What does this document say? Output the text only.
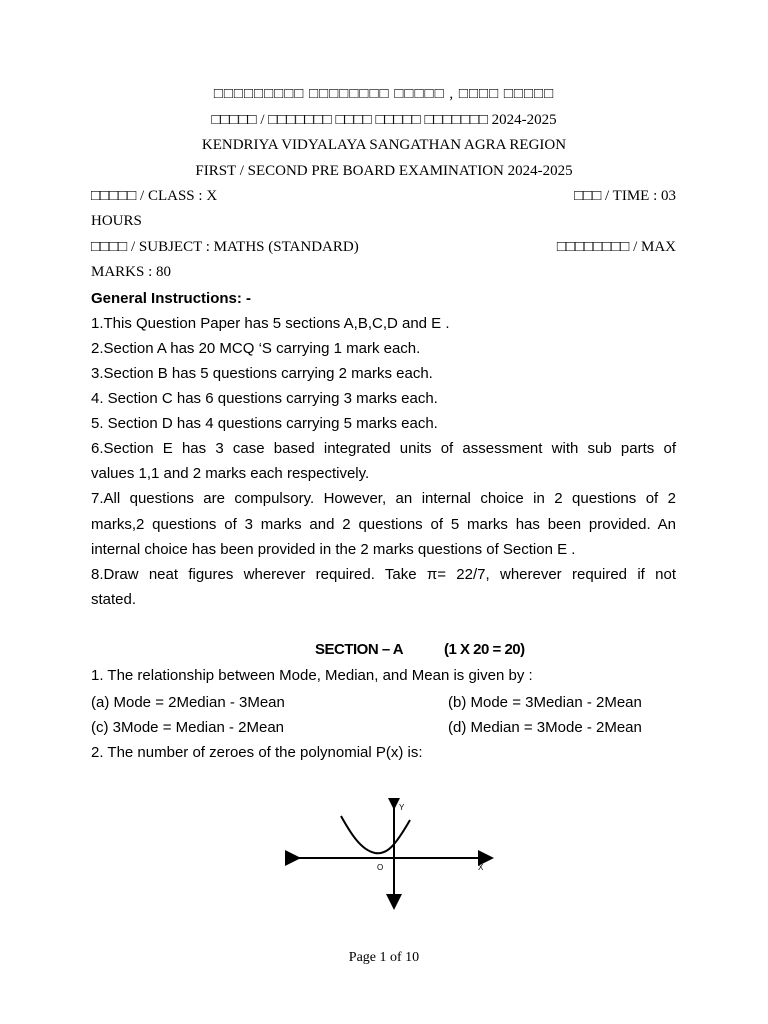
□□□□□□□□□ □□□□□□□□ □□□□□ , □□□□ □□□□□
□□□□□ / □□□□□□□ □□□□ □□□□□ □□□□□□□ 2024-2025
KENDRIYA VIDYALAYA SANGATHAN AGRA REGION
FIRST / SECOND PRE BOARD EXAMINATION 2024-2025
□□□□□ / CLASS : X	□□□ / TIME : 03
HOURS
□□□□ / SUBJECT : MATHS (STANDARD)	□□□□□□□□ / MAX
MARKS : 80
General Instructions: -
1.This Question Paper has 5 sections A,B,C,D and E .
2.Section A has 20 MCQ ‘S carrying 1 mark each.
3.Section B has 5 questions carrying 2 marks each.
4. Section C has 6 questions carrying 3 marks each.
5. Section D has 4 questions carrying 5 marks each.
6.Section E has 3 case based integrated units of assessment with sub parts of
values 1,1 and 2 marks each respectively.
7.All questions are compulsory. However, an internal choice in 2 questions of 2
marks,2 questions of 3 marks and 2 questions of 5 marks has been provided. An
internal choice has been provided in the 2 marks questions of Section E .
8.Draw neat figures wherever required. Take π= 22/7, wherever required if not
stated.
SECTION – A	(1 X 20 = 20)
1. The relationship between Mode, Median, and Mean is given by :
(a) Mode = 2Median - 3Mean	(b) Mode = 3Median - 2Mean
(c) 3Mode = Median - 2Mean	(d) Median = 3Mode - 2Mean
2. The number of zeroes of the polynomial P(x) is:
Y
X
O
Page 1 of 10
